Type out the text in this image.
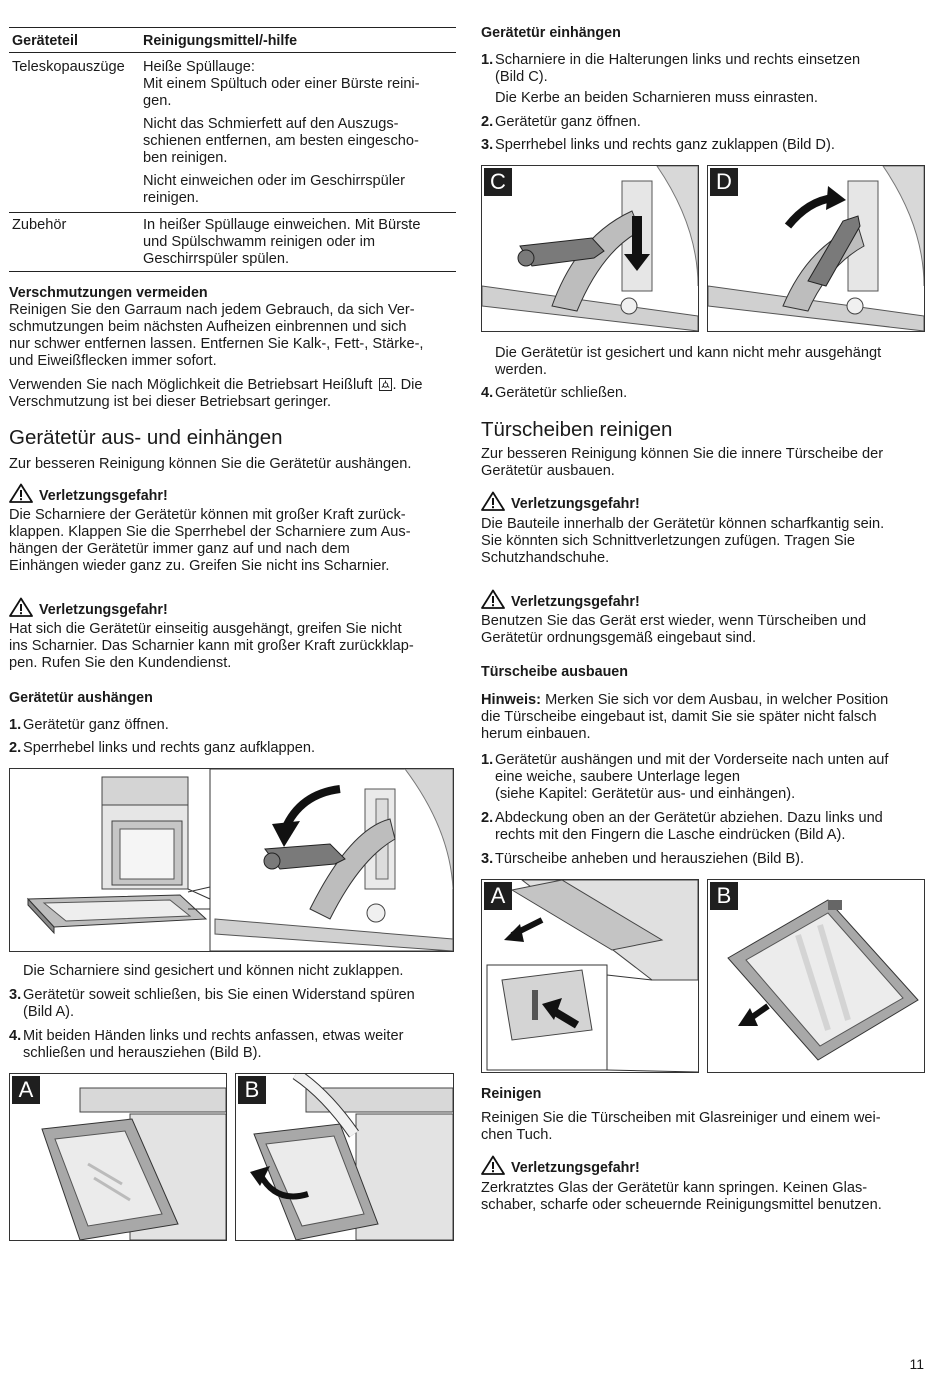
Geräteteil	Reinigungsmittel/-hilfe
Teleskopauszüge Heiße Spüllauge:

Mit einem Spültuch oder einer Bürste reini-

gen.

Nicht das Schmierfett auf den Auszugs-

schienen entfernen, am besten eingescho-

ben reinigen.

Nicht einweichen oder im Geschirrspüler

reinigen.

Zubehör	In heißer Spüllauge einweichen. Mit Bürste

und Spülschwamm reinigen oder im

Geschirrspüler spülen.

Verschmutzungen vermeiden

Reinigen Sie den Garraum nach jedem Gebrauch, da sich Ver-

schmutzungen beim nächsten Aufheizen einbrennen und sich

nur schwer entfernen lassen. Entfernen Sie Kalk-, Fett-, Stärke-,

und Eiweißflecken immer sofort.

Verwenden Sie nach Möglichkeit die Betriebsart Heißluft . Die

Verschmutzung ist bei dieser Betriebsart geringer.

Gerätetür aus- und einhängen

Zur besseren Reinigung können Sie die Gerätetür aushängen.

Verletzungsgefahr!

Die Scharniere der Gerätetür können mit großer Kraft zurück-

klappen. Klappen Sie die Sperrhebel der Scharniere zum Aus-

hängen der Gerätetür immer ganz auf und nach dem

Einhängen wieder ganz zu. Greifen Sie nicht ins Scharnier.

Verletzungsgefahr!

Hat sich die Gerätetür einseitig ausgehängt, greifen Sie nicht

ins Scharnier. Das Scharnier kann mit großer Kraft zurückklap-

pen. Rufen Sie den Kundendienst.

Gerätetür aushängen

1. Gerätetür ganz öffnen.
2. Sperrhebel links und rechts ganz aufklappen.

Die Scharniere sind gesichert und können nicht zuklappen.

3. Gerätetür soweit schließen, bis Sie einen Widerstand spüren
(Bild A).
4. Mit beiden Händen links und rechts anfassen, etwas weiter
schließen und herausziehen (Bild B).
A	B

Gerätetür einhängen

1. Scharniere in die Halterungen links und rechts einsetzen
(Bild C).

Die Kerbe an beiden Scharnieren muss einrasten.

2. Gerätetür ganz öffnen.
3. Sperrhebel links und rechts ganz zuklappen (Bild D).
C	D

Die Gerätetür ist gesichert und kann nicht mehr ausgehängt

werden.

4. Gerätetür schließen.

Türscheiben reinigen

Zur besseren Reinigung können Sie die innere Türscheibe der

Gerätetür ausbauen.

Verletzungsgefahr!

Die Bauteile innerhalb der Gerätetür können scharfkantig sein.

Sie könnten sich Schnittverletzungen zufügen. Tragen Sie

Schutzhandschuhe.

Verletzungsgefahr!

Benutzen Sie das Gerät erst wieder, wenn Türscheiben und

Gerätetür ordnungsgemäß eingebaut sind.

Türscheibe ausbauen

Hinweis: Merken Sie sich vor dem Ausbau, in welcher Position

die Türscheibe eingebaut ist, damit Sie sie später nicht falsch

herum einbauen.

1. Gerätetür aushängen und mit der Vorderseite nach unten auf
eine weiche, saubere Unterlage legen
(siehe Kapitel: Gerätetür aus- und einhängen).
2. Abdeckung oben an der Gerätetür abziehen. Dazu links und
rechts mit den Fingern die Lasche eindrücken (Bild A).
3. Türscheibe anheben und herausziehen (Bild B).
A	B

Reinigen

Reinigen Sie die Türscheiben mit Glasreiniger und einem wei-

chen Tuch.

Verletzungsgefahr!

Zerkratztes Glas der Gerätetür kann springen. Keinen Glas-

schaber, scharfe oder scheuernde Reinigungsmittel benutzen.

11
